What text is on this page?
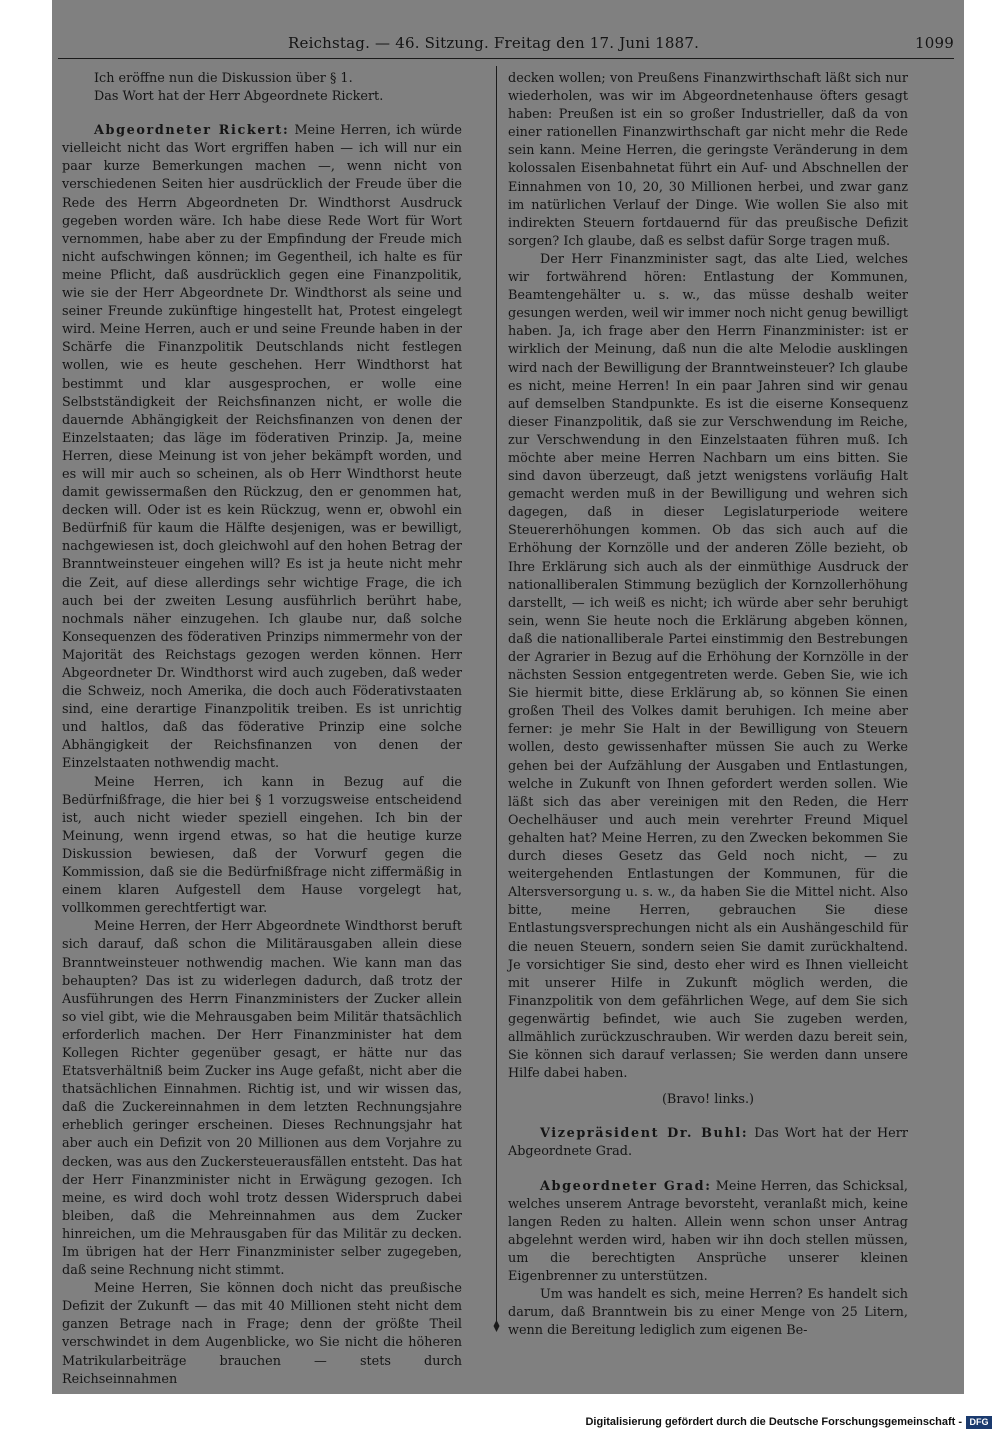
Reichstag. — 46. Sitzung. Freitag den 17. Juni 1887.	1099

Ich eröffne nun die Diskussion über § 1.

Das Wort hat der Herr Abgeordnete Rickert.

Abgeordneter Rickert: Meine Herren, ich würde vielleicht nicht das Wort ergriffen haben — ich will nur ein paar kurze Bemerkungen machen —, wenn nicht von verschiedenen Seiten hier ausdrücklich der Freude über die Rede des Herrn Abgeordneten Dr. Windthorst Ausdruck gegeben worden wäre. Ich habe diese Rede Wort für Wort vernommen, habe aber zu der Empfindung der Freude mich nicht aufschwingen können; im Gegentheil, ich halte es für meine Pflicht, daß ausdrücklich gegen eine Finanzpolitik, wie sie der Herr Abgeordnete Dr. Windthorst als seine und seiner Freunde zukünftige hingestellt hat, Protest eingelegt wird. Meine Herren, auch er und seine Freunde haben in der Schärfe die Finanzpolitik Deutschlands nicht festlegen wollen, wie es heute geschehen. Herr Windthorst hat bestimmt und klar ausgesprochen, er wolle eine Selbstständigkeit der Reichsfinanzen nicht, er wolle die dauernde Abhängigkeit der Reichsfinanzen von denen der Einzelstaaten; das läge im föderativen Prinzip. Ja, meine Herren, diese Meinung ist von jeher bekämpft worden, und es will mir auch so scheinen, als ob Herr Windthorst heute damit gewissermaßen den Rückzug, den er genommen hat, decken will. Oder ist es kein Rückzug, wenn er, obwohl ein Bedürfniß für kaum die Hälfte desjenigen, was er bewilligt, nachgewiesen ist, doch gleichwohl auf den hohen Betrag der Branntweinsteuer eingehen will? Es ist ja heute nicht mehr die Zeit, auf diese allerdings sehr wichtige Frage, die ich auch bei der zweiten Lesung ausführlich berührt habe, nochmals näher einzugehen. Ich glaube nur, daß solche Konsequenzen des föderativen Prinzips nimmermehr von der Majorität des Reichstags gezogen werden können. Herr Abgeordneter Dr. Windthorst wird auch zugeben, daß weder die Schweiz, noch Amerika, die doch auch Föderativstaaten sind, eine derartige Finanzpolitik treiben. Es ist unrichtig und haltlos, daß das föderative Prinzip eine solche Abhängigkeit der Reichsfinanzen von denen der Einzelstaaten nothwendig macht.

Meine Herren, ich kann in Bezug auf die Bedürfnißfrage, die hier bei § 1 vorzugsweise entscheidend ist, auch nicht wieder speziell eingehen. Ich bin der Meinung, wenn irgend etwas, so hat die heutige kurze Diskussion bewiesen, daß der Vorwurf gegen die Kommission, daß sie die Bedürfnißfrage nicht ziffermäßig in einem klaren Aufgestell dem Hause vorgelegt hat, vollkommen gerechtfertigt war.

Meine Herren, der Herr Abgeordnete Windthorst beruft sich darauf, daß schon die Militärausgaben allein diese Branntweinsteuer nothwendig machen. Wie kann man das behaupten? Das ist zu widerlegen dadurch, daß trotz der Ausführungen des Herrn Finanzministers der Zucker allein so viel gibt, wie die Mehrausgaben beim Militär thatsächlich erforderlich machen. Der Herr Finanzminister hat dem Kollegen Richter gegenüber gesagt, er hätte nur das Etatsverhältniß beim Zucker ins Auge gefaßt, nicht aber die thatsächlichen Einnahmen. Richtig ist, und wir wissen das, daß die Zuckereinnahmen in dem letzten Rechnungsjahre erheblich geringer erscheinen. Dieses Rechnungsjahr hat aber auch ein Defizit von 20 Millionen aus dem Vorjahre zu decken, was aus den Zuckersteuerausfällen entsteht. Das hat der Herr Finanzminister nicht in Erwägung gezogen. Ich meine, es wird doch wohl trotz dessen Widerspruch dabei bleiben, daß die Mehreinnahmen aus dem Zucker hinreichen, um die Mehrausgaben für das Militär zu decken. Im übrigen hat der Herr Finanzminister selber zugegeben, daß seine Rechnung nicht stimmt.

Meine Herren, Sie können doch nicht das preußische Defizit der Zukunft — das mit 40 Millionen steht nicht dem ganzen Betrage nach in Frage; denn der größte Theil verschwindet in dem Augenblicke, wo Sie nicht die höheren Matrikularbeiträge brauchen — stets durch Reichseinnahmen

decken wollen; von Preußens Finanzwirthschaft läßt sich nur wiederholen, was wir im Abgeordnetenhause öfters gesagt haben: Preußen ist ein so großer Industrieller, daß da von einer rationellen Finanzwirthschaft gar nicht mehr die Rede sein kann. Meine Herren, die geringste Veränderung in dem kolossalen Eisenbahnetat führt ein Auf- und Abschnellen der Einnahmen von 10, 20, 30 Millionen herbei, und zwar ganz im natürlichen Verlauf der Dinge. Wie wollen Sie also mit indirekten Steuern fortdauernd für das preußische Defizit sorgen? Ich glaube, daß es selbst dafür Sorge tragen muß.

Der Herr Finanzminister sagt, das alte Lied, welches wir fortwährend hören: Entlastung der Kommunen, Beamtengehälter u. s. w., das müsse deshalb weiter gesungen werden, weil wir immer noch nicht genug bewilligt haben. Ja, ich frage aber den Herrn Finanzminister: ist er wirklich der Meinung, daß nun die alte Melodie ausklingen wird nach der Bewilligung der Branntweinsteuer? Ich glaube es nicht, meine Herren! In ein paar Jahren sind wir genau auf demselben Standpunkte. Es ist die eiserne Konsequenz dieser Finanzpolitik, daß sie zur Verschwendung im Reiche, zur Verschwendung in den Einzelstaaten führen muß. Ich möchte aber meine Herren Nachbarn um eins bitten. Sie sind davon überzeugt, daß jetzt wenigstens vorläufig Halt gemacht werden muß in der Bewilligung und wehren sich dagegen, daß in dieser Legislaturperiode weitere Steuererhöhungen kommen. Ob das sich auch auf die Erhöhung der Kornzölle und der anderen Zölle bezieht, ob Ihre Erklärung sich auch als der einmüthige Ausdruck der nationalliberalen Stimmung bezüglich der Kornzollerhöhung darstellt, — ich weiß es nicht; ich würde aber sehr beruhigt sein, wenn Sie heute noch die Erklärung abgeben können, daß die nationalliberale Partei einstimmig den Bestrebungen der Agrarier in Bezug auf die Erhöhung der Kornzölle in der nächsten Session entgegentreten werde. Geben Sie, wie ich Sie hiermit bitte, diese Erklärung ab, so können Sie einen großen Theil des Volkes damit beruhigen. Ich meine aber ferner: je mehr Sie Halt in der Bewilligung von Steuern wollen, desto gewissenhafter müssen Sie auch zu Werke gehen bei der Aufzählung der Ausgaben und Entlastungen, welche in Zukunft von Ihnen gefordert werden sollen. Wie läßt sich das aber vereinigen mit den Reden, die Herr Oechelhäuser und auch mein verehrter Freund Miquel gehalten hat? Meine Herren, zu den Zwecken bekommen Sie durch dieses Gesetz das Geld noch nicht, — zu weitergehenden Entlastungen der Kommunen, für die Altersversorgung u. s. w., da haben Sie die Mittel nicht. Also bitte, meine Herren, gebrauchen Sie diese Entlastungsversprechungen nicht als ein Aushängeschild für die neuen Steuern, sondern seien Sie damit zurückhaltend. Je vorsichtiger Sie sind, desto eher wird es Ihnen vielleicht mit unserer Hilfe in Zukunft möglich werden, die Finanzpolitik von dem gefährlichen Wege, auf dem Sie sich gegenwärtig befindet, wie auch Sie zugeben werden, allmählich zurückzuschrauben. Wir werden dazu bereit sein, Sie können sich darauf verlassen; Sie werden dann unsere Hilfe dabei haben.

(Bravo! links.)

Vizepräsident Dr. Buhl: Das Wort hat der Herr Abgeordnete Grad.

Abgeordneter Grad: Meine Herren, das Schicksal, welches unserem Antrage bevorsteht, veranlaßt mich, keine langen Reden zu halten. Allein wenn schon unser Antrag abgelehnt werden wird, haben wir ihn doch stellen müssen, um die berechtigten Ansprüche unserer kleinen Eigenbrenner zu unterstützen.

Um was handelt es sich, meine Herren? Es handelt sich darum, daß Branntwein bis zu einer Menge von 25 Litern, wenn die Bereitung lediglich zum eigenen Be-

Digitalisierung gefördert durch die Deutsche Forschungsgemeinschaft - DFG
